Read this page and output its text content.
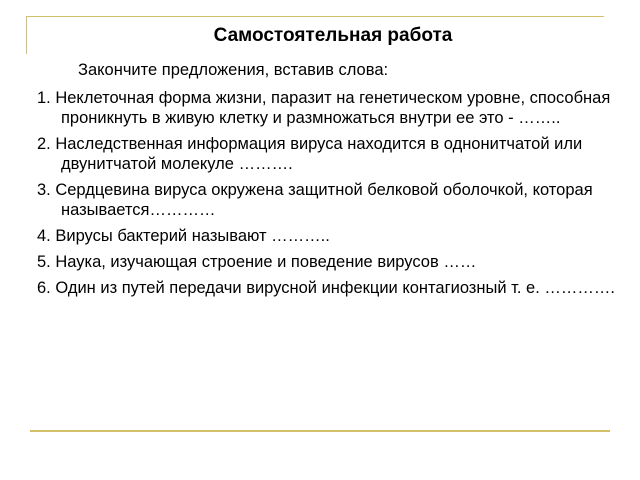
Самостоятельная работа
Закончите предложения, вставив слова:
1. Неклеточная форма жизни, паразит на генетическом уровне, способная проникнуть в живую клетку и размножаться внутри ее это - ……..
2. Наследственная информация вируса находится в однонитчатой или двунитчатой молекуле ……….
3. Сердцевина вируса окружена защитной белковой оболочкой, которая называется…………
4. Вирусы бактерий называют ………..
5. Наука, изучающая строение и поведение вирусов ……
6. Один из путей передачи вирусной инфекции контагиозный т. е. ………….
